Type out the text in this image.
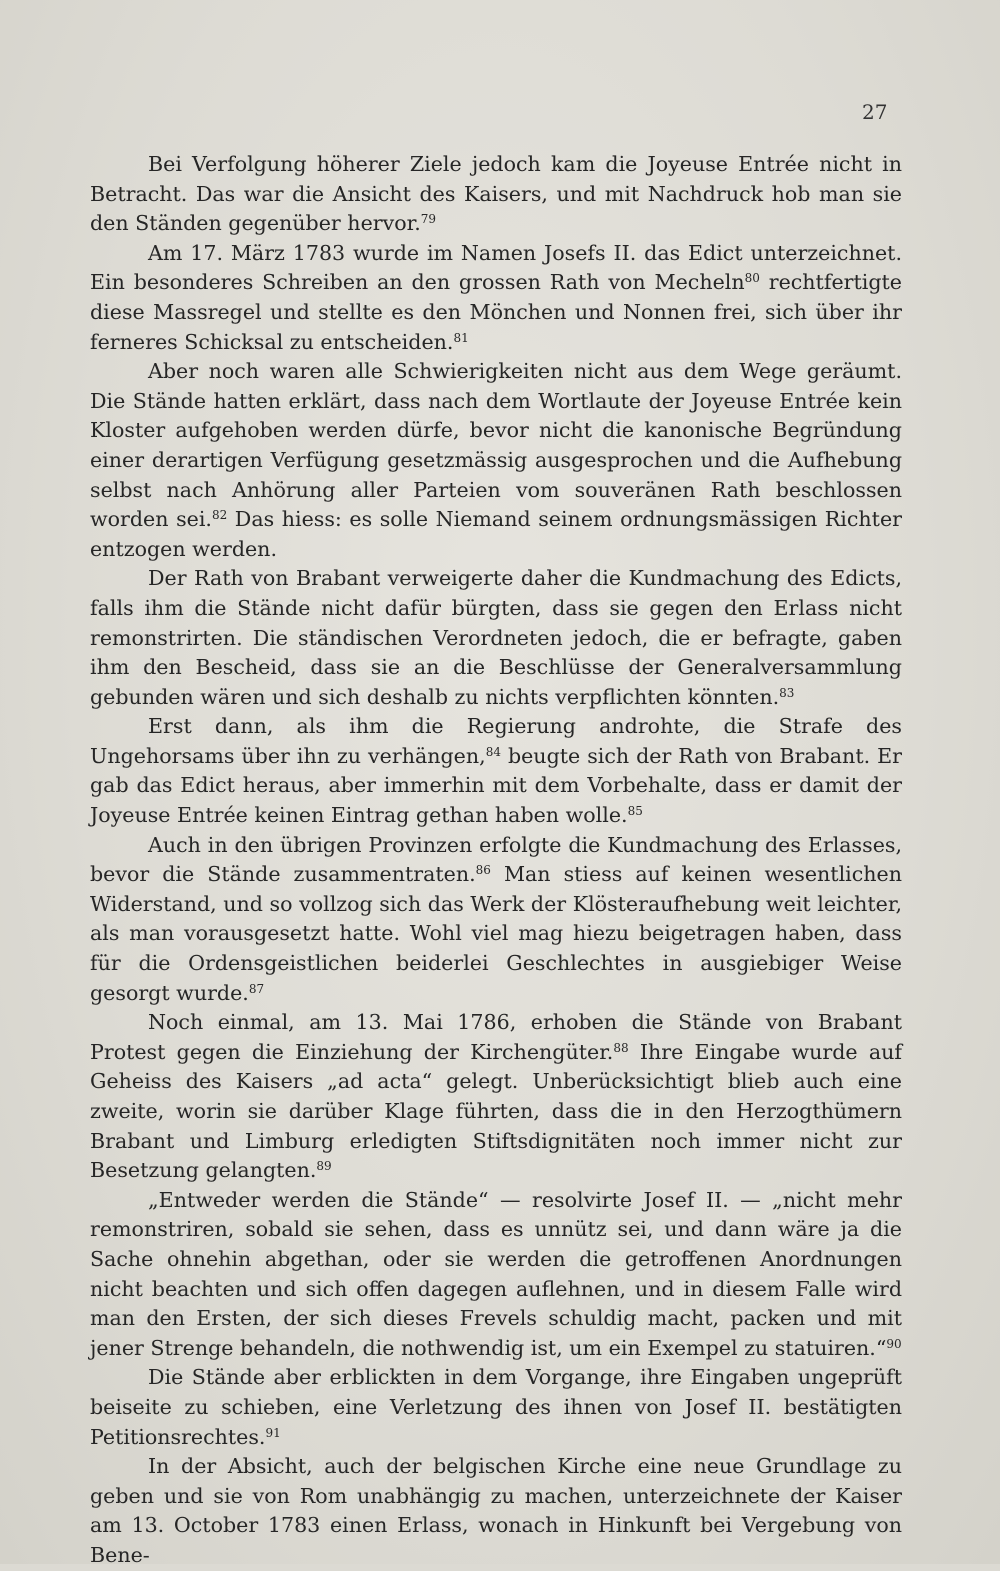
27

Bei Verfolgung höherer Ziele jedoch kam die Joyeuse Entrée nicht in Betracht. Das war die Ansicht des Kaisers, und mit Nachdruck hob man sie den Ständen gegenüber hervor.$^{79}$

Am 17. März 1783 wurde im Namen Josefs II. das Edict unterzeichnet. Ein besonderes Schreiben an den grossen Rath von Mecheln$^{80}$ rechtfertigte diese Massregel und stellte es den Mönchen und Nonnen frei, sich über ihr ferneres Schicksal zu entscheiden.$^{81}$

Aber noch waren alle Schwierigkeiten nicht aus dem Wege geräumt. Die Stände hatten erklärt, dass nach dem Wortlaute der Joyeuse Entrée kein Kloster aufgehoben werden dürfe, bevor nicht die kanonische Begründung einer derartigen Verfügung gesetzmässig ausgesprochen und die Aufhebung selbst nach Anhörung aller Parteien vom souveränen Rath beschlossen worden sei.$^{82}$ Das hiess: es solle Niemand seinem ordnungsmässigen Richter entzogen werden.

Der Rath von Brabant verweigerte daher die Kundmachung des Edicts, falls ihm die Stände nicht dafür bürgten, dass sie gegen den Erlass nicht remonstrirten. Die ständischen Verordneten jedoch, die er befragte, gaben ihm den Bescheid, dass sie an die Beschlüsse der Generalversammlung gebunden wären und sich deshalb zu nichts verpflichten könnten.$^{83}$

Erst dann, als ihm die Regierung androhte, die Strafe des Ungehorsams über ihn zu verhängen,$^{84}$ beugte sich der Rath von Brabant. Er gab das Edict heraus, aber immerhin mit dem Vorbehalte, dass er damit der Joyeuse Entrée keinen Eintrag gethan haben wolle.$^{85}$

Auch in den übrigen Provinzen erfolgte die Kundmachung des Erlasses, bevor die Stände zusammentraten.$^{86}$ Man stiess auf keinen wesentlichen Widerstand, und so vollzog sich das Werk der Klösteraufhebung weit leichter, als man vorausgesetzt hatte. Wohl viel mag hiezu beigetragen haben, dass für die Ordensgeistlichen beiderlei Geschlechtes in ausgiebiger Weise gesorgt wurde.$^{87}$

Noch einmal, am 13. Mai 1786, erhoben die Stände von Brabant Protest gegen die Einziehung der Kirchengüter.$^{88}$ Ihre Eingabe wurde auf Geheiss des Kaisers „ad acta“ gelegt. Unberücksichtigt blieb auch eine zweite, worin sie darüber Klage führten, dass die in den Herzogthümern Brabant und Limburg erledigten Stiftsdignitäten noch immer nicht zur Besetzung gelangten.$^{89}$

„Entweder werden die Stände“ — resolvirte Josef II. — „nicht mehr remonstriren, sobald sie sehen, dass es unnütz sei, und dann wäre ja die Sache ohnehin abgethan, oder sie werden die getroffenen Anordnungen nicht beachten und sich offen dagegen auflehnen, und in diesem Falle wird man den Ersten, der sich dieses Frevels schuldig macht, packen und mit jener Strenge behandeln, die nothwendig ist, um ein Exempel zu statuiren.“$^{90}$

Die Stände aber erblickten in dem Vorgange, ihre Eingaben ungeprüft beiseite zu schieben, eine Verletzung des ihnen von Josef II. bestätigten Petitionsrechtes.$^{91}$

In der Absicht, auch der belgischen Kirche eine neue Grundlage zu geben und sie von Rom unabhängig zu machen, unterzeichnete der Kaiser am 13. October 1783 einen Erlass, wonach in Hinkunft bei Vergebung von Bene-
